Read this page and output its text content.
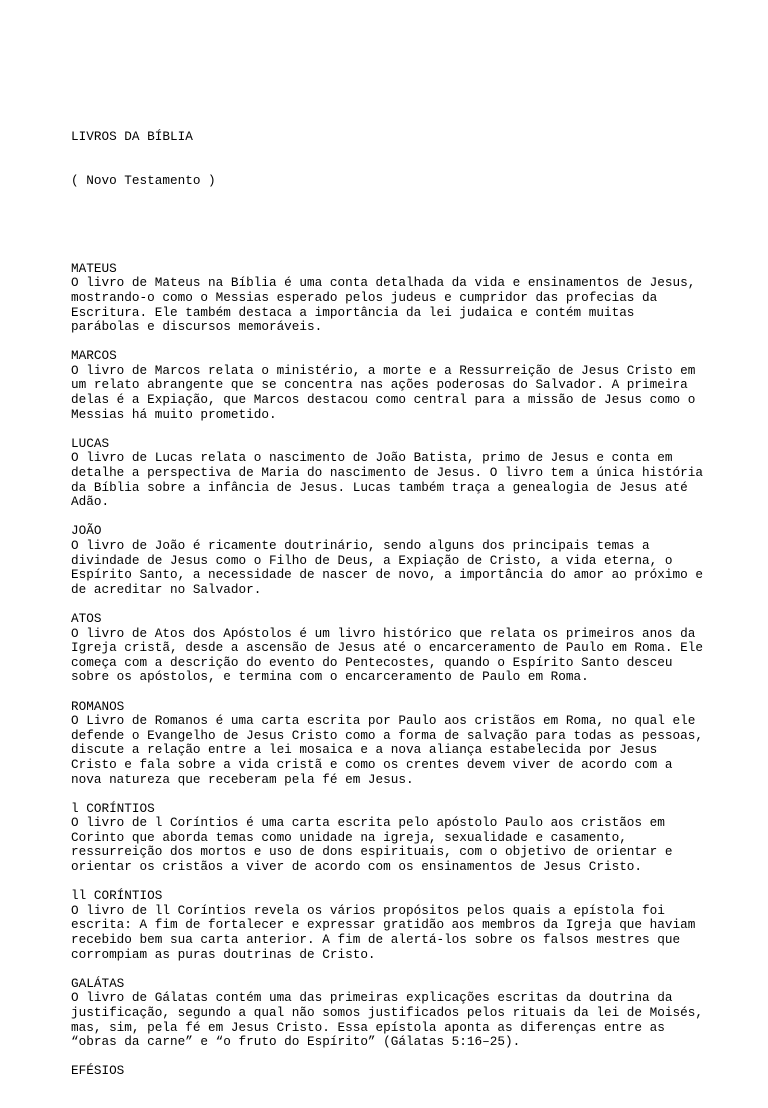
LIVROS DA BÍBLIA

( Novo Testamento )

MATEUS
O livro de Mateus na Bíblia é uma conta detalhada da vida e ensinamentos de Jesus,
mostrando-o como o Messias esperado pelos judeus e cumpridor das profecias da
Escritura. Ele também destaca a importância da lei judaica e contém muitas
parábolas e discursos memoráveis.
MARCOS
O livro de Marcos relata o ministério, a morte e a Ressurreição de Jesus Cristo em
um relato abrangente que se concentra nas ações poderosas do Salvador. A primeira
delas é a Expiação, que Marcos destacou como central para a missão de Jesus como o
Messias há muito prometido.
LUCAS
O livro de Lucas relata o nascimento de João Batista, primo de Jesus e conta em
detalhe a perspectiva de Maria do nascimento de Jesus. O livro tem a única história
da Bíblia sobre a infância de Jesus. Lucas também traça a genealogia de Jesus até
Adão.
JOÃO
O livro de João é ricamente doutrinário, sendo alguns dos principais temas a
divindade de Jesus como o Filho de Deus, a Expiação de Cristo, a vida eterna, o
Espírito Santo, a necessidade de nascer de novo, a importância do amor ao próximo e
de acreditar no Salvador.
ATOS
O livro de Atos dos Apóstolos é um livro histórico que relata os primeiros anos da
Igreja cristã, desde a ascensão de Jesus até o encarceramento de Paulo em Roma. Ele
começa com a descrição do evento do Pentecostes, quando o Espírito Santo desceu
sobre os apóstolos, e termina com o encarceramento de Paulo em Roma.
ROMANOS
O Livro de Romanos é uma carta escrita por Paulo aos cristãos em Roma, no qual ele
defende o Evangelho de Jesus Cristo como a forma de salvação para todas as pessoas,
discute a relação entre a lei mosaica e a nova aliança estabelecida por Jesus
Cristo e fala sobre a vida cristã e como os crentes devem viver de acordo com a
nova natureza que receberam pela fé em Jesus.
l CORÍNTIOS
O livro de l Coríntios é uma carta escrita pelo apóstolo Paulo aos cristãos em
Corinto que aborda temas como unidade na igreja, sexualidade e casamento,
ressurreição dos mortos e uso de dons espirituais, com o objetivo de orientar e
orientar os cristãos a viver de acordo com os ensinamentos de Jesus Cristo.
ll CORÍNTIOS
O livro de ll Coríntios revela os vários propósitos pelos quais a epístola foi
escrita: A fim de fortalecer e expressar gratidão aos membros da Igreja que haviam
recebido bem sua carta anterior. A fim de alertá-los sobre os falsos mestres que
corrompiam as puras doutrinas de Cristo.
GALÁTAS
O livro de Gálatas contém uma das primeiras explicações escritas da doutrina da
justificação, segundo a qual não somos justificados pelos rituais da lei de Moisés,
mas, sim, pela fé em Jesus Cristo. Essa epístola aponta as diferenças entre as
“obras da carne” e “o fruto do Espírito” (Gálatas 5:16–25).
EFÉSIOS
